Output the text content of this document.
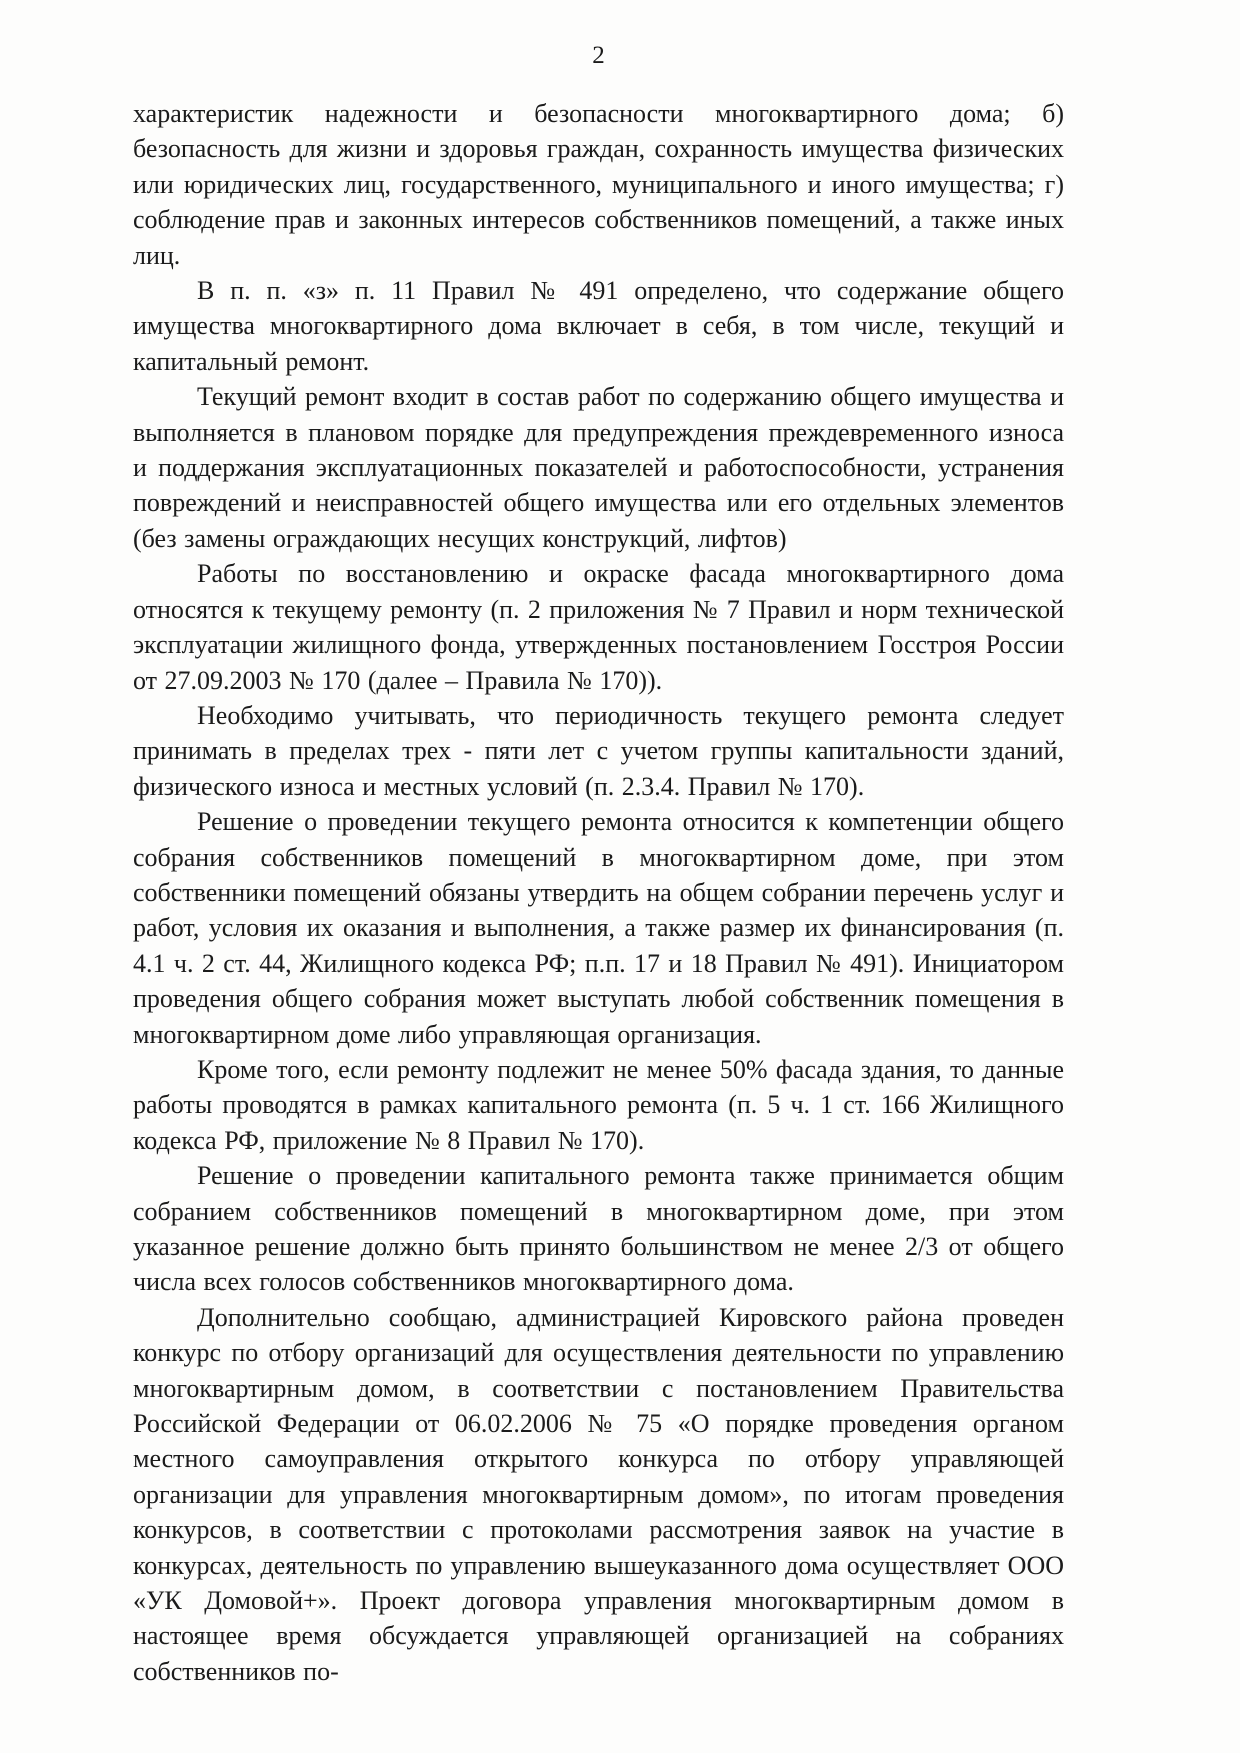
2

характеристик надежности и безопасности многоквартирного дома; б) безопасность для жизни и здоровья граждан, сохранность имущества физических или юридических лиц, государственного, муниципального и иного имущества; г) соблюдение прав и законных интересов собственников помещений, а также иных лиц.

В п. п. «з» п. 11 Правил № 491 определено, что содержание общего имущества многоквартирного дома включает в себя, в том числе, текущий и капитальный ремонт.

Текущий ремонт входит в состав работ по содержанию общего имущества и выполняется в плановом порядке для предупреждения преждевременного износа и поддержания эксплуатационных показателей и работоспособности, устранения повреждений и неисправностей общего имущества или его отдельных элементов (без замены ограждающих несущих конструкций, лифтов)

Работы по восстановлению и окраске фасада многоквартирного дома относятся к текущему ремонту (п. 2 приложения № 7 Правил и норм технической эксплуатации жилищного фонда, утвержденных постановлением Госстроя России от 27.09.2003 № 170 (далее – Правила № 170)).

Необходимо учитывать, что периодичность текущего ремонта следует принимать в пределах трех - пяти лет с учетом группы капитальности зданий, физического износа и местных условий (п. 2.3.4. Правил № 170).

Решение о проведении текущего ремонта относится к компетенции общего собрания собственников помещений в многоквартирном доме, при этом собственники помещений обязаны утвердить на общем собрании перечень услуг и работ, условия их оказания и выполнения, а также размер их финансирования (п. 4.1 ч. 2 ст. 44, Жилищного кодекса РФ; п.п. 17 и 18 Правил № 491). Инициатором проведения общего собрания может выступать любой собственник помещения в многоквартирном доме либо управляющая организация.

Кроме того, если ремонту подлежит не менее 50% фасада здания, то данные работы проводятся в рамках капитального ремонта (п. 5 ч. 1 ст. 166 Жилищного кодекса РФ, приложение № 8 Правил № 170).

Решение о проведении капитального ремонта также принимается общим собранием собственников помещений в многоквартирном доме, при этом указанное решение должно быть принято большинством не менее 2/3 от общего числа всех голосов собственников многоквартирного дома.

Дополнительно сообщаю, администрацией Кировского района проведен конкурс по отбору организаций для осуществления деятельности по управлению многоквартирным домом, в соответствии с постановлением Правительства Российской Федерации от 06.02.2006 № 75 «О порядке проведения органом местного самоуправления открытого конкурса по отбору управляющей организации для управления многоквартирным домом», по итогам проведения конкурсов, в соответствии с протоколами рассмотрения заявок на участие в конкурсах, деятельность по управлению вышеуказанного дома осуществляет ООО «УК Домовой+». Проект договора управления многоквартирным домом в настоящее время обсуждается управляющей организацией на собраниях собственников по-
